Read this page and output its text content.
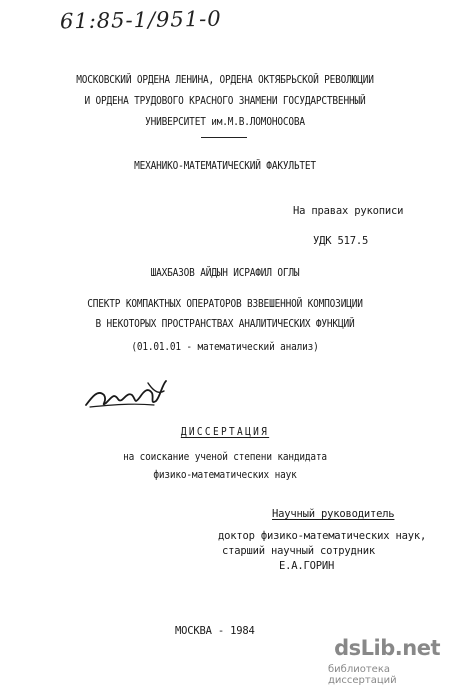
61:85-1/951-0
МОСКОВСКИЙ ОРДЕНА ЛЕНИНА, ОРДЕНА ОКТЯБРЬСКОЙ РЕВОЛЮЦИИ
И ОРДЕНА ТРУДОВОГО КРАСНОГО ЗНАМЕНИ ГОСУДАРСТВЕННЫЙ
УНИВЕРСИТЕТ им.М.В.ЛОМОНОСОВА
МЕХАНИКО-МАТЕМАТИЧЕСКИЙ ФАКУЛЬТЕТ
На правах рукописи
УДК 517.5
ШАХБАЗОВ АЙДЫН ИСРАФИЛ ОГЛЫ
СПЕКТР КОМПАКТНЫХ ОПЕРАТОРОВ ВЗВЕШЕННОЙ КОМПОЗИЦИИ
В НЕКОТОРЫХ ПРОСТРАНСТВАХ АНАЛИТИЧЕСКИХ ФУНКЦИЙ
(01.01.01 - математический анализ)
ДИССЕРТАЦИЯ
на соискание ученой степени кандидата
физико-математических наук
Научный руководитель
доктор физико-математических наук,
старший научный сотрудник
Е.А.ГОРИН
МОСКВА - 1984
dsLib.net
библиотека диссертаций
